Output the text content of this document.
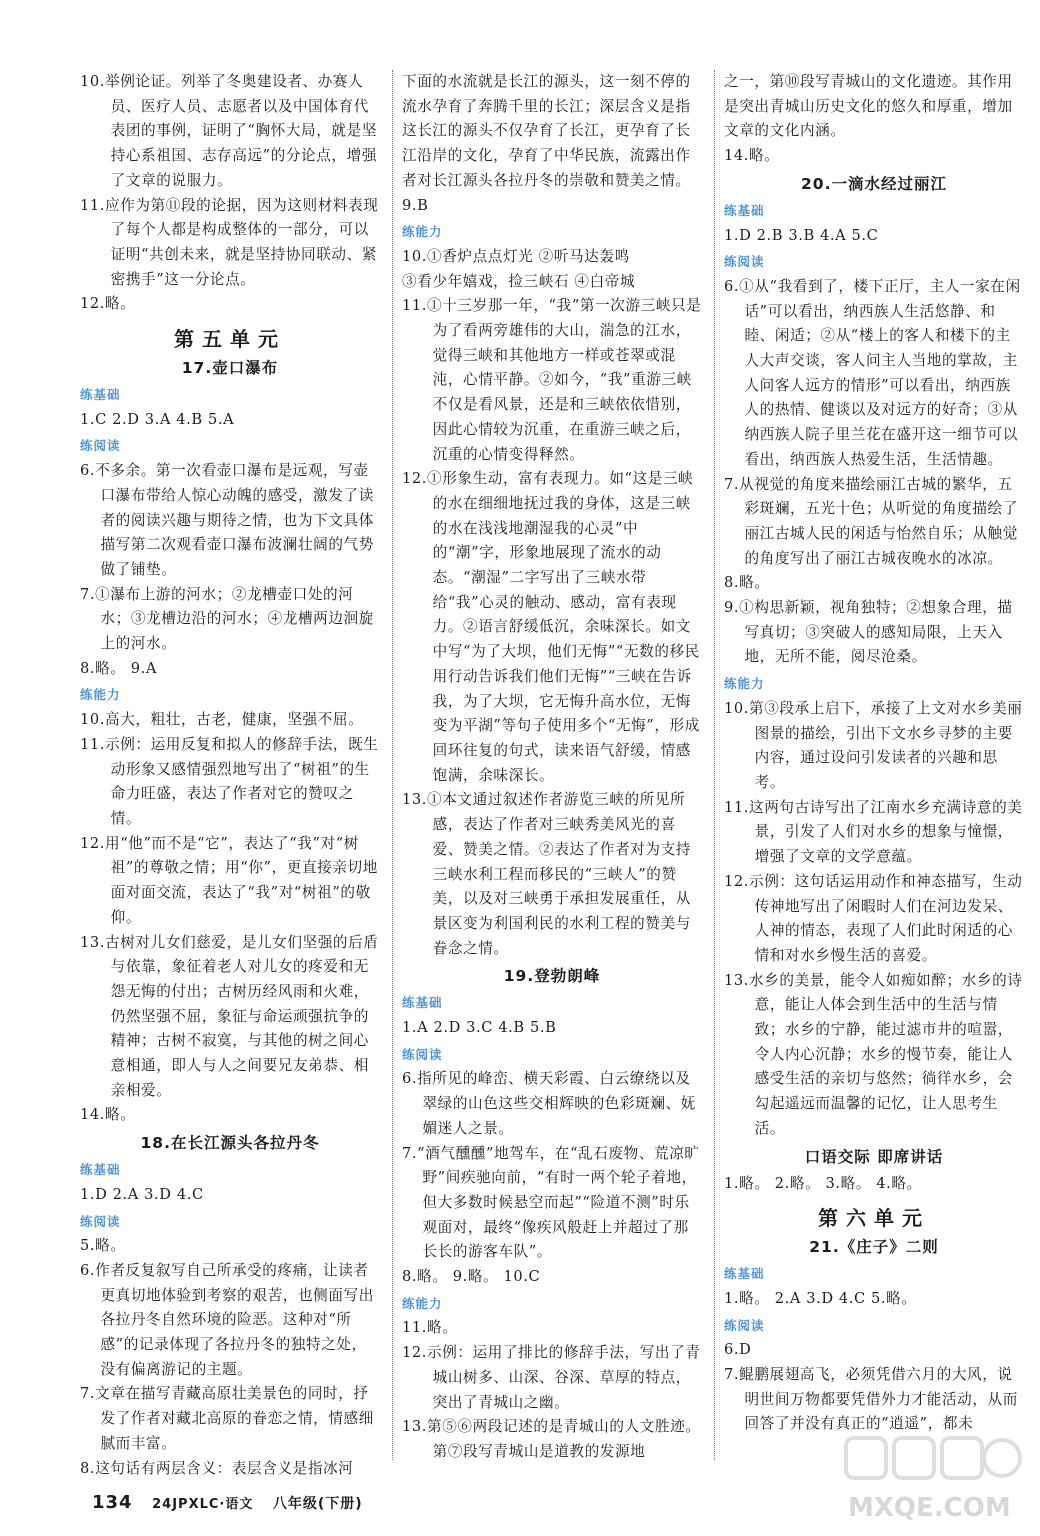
10.举例论证。列举了冬奥建设者、办赛人员、医疗人员、志愿者以及中国体育代表团的事例，证明了“胸怀大局，就是坚持心系祖国、志存高远”的分论点，增强了文章的说服力。
11.应作为第⑪段的论据，因为这则材料表现了每个人都是构成整体的一部分，可以证明“共创未来，就是坚持协同联动、紧密携手”这一分论点。
12.略。
第五单元
17.壶口瀑布
练基础
1.C 2.D 3.A 4.B 5.A
练阅读
6.不多余。第一次看壶口瀑布是远观，写壶口瀑布带给人惊心动魄的感受，激发了读者的阅读兴趣与期待之情，也为下文具体描写第二次观看壶口瀑布波澜壮阔的气势做了铺垫。
7.①瀑布上游的河水；②龙槽壶口处的河水；③龙槽边沿的河水；④龙槽两边洄旋上的河水。
8.略。 9.A
练能力
10.高大，粗壮，古老，健康，坚强不屈。
11.示例：运用反复和拟人的修辞手法，既生动形象又感情强烈地写出了“树祖”的生命力旺盛，表达了作者对它的赞叹之情。
12.用“他”而不是“它”，表达了“我”对“树祖”的尊敬之情；用“你”，更直接亲切地面对面交流，表达了“我”对“树祖”的敬仰。
13.古树对儿女们慈爱，是儿女们坚强的后盾与依靠，象征着老人对儿女的疼爱和无怨无悔的付出；古树历经风雨和火难，仍然坚强不屈，象征与命运顽强抗争的精神；古树不寂寞，与其他的树之间心意相通，即人与人之间要兄友弟恭、相亲相爱。
14.略。
18.在长江源头各拉丹冬
练基础
1.D 2.A 3.D 4.C
练阅读
5.略。
6.作者反复叙写自己所承受的疼痛，让读者更真切地体验到考察的艰苦，也侧面写出各拉丹冬自然环境的险恶。这种对“所感”的记录体现了各拉丹冬的独特之处，没有偏离游记的主题。
7.文章在描写青藏高原壮美景色的同时，抒发了作者对藏北高原的眷恋之情，情感细腻而丰富。
8.这句话有两层含义：表层含义是指冰河
下面的水流就是长江的源头，这一刻不停的流水孕育了奔腾千里的长江；深层含义是指这长江的源头不仅孕育了长江，更孕育了长江沿岸的文化，孕育了中华民族，流露出作者对长江源头各拉丹冬的崇敬和赞美之情。
9.B
练能力
10.①香炉点点灯光 ②听马达轰鸣
③看少年嬉戏，捡三峡石 ④白帝城
11.①十三岁那一年，“我”第一次游三峡只是为了看两旁雄伟的大山，湍急的江水，觉得三峡和其他地方一样或苍翠或混沌，心情平静。②如今，“我”重游三峡不仅是看风景，还是和三峡依依惜别，因此心情较为沉重，在重游三峡之后，沉重的心情变得释然。
12.①形象生动，富有表现力。如“这是三峡的水在细细地抚过我的身体，这是三峡的水在浅浅地潮湿我的心灵”中的“潮”字，形象地展现了流水的动态。“潮湿”二字写出了三峡水带给“我”心灵的触动、感动，富有表现力。②语言舒缓低沉，余味深长。如文中写“为了大坝，他们无悔”“无数的移民用行动告诉我们他们无悔”“三峡在告诉我，为了大坝，它无悔升高水位，无悔变为平湖”等句子使用多个“无悔”，形成回环往复的句式，读来语气舒缓，情感饱满，余味深长。
13.①本文通过叙述作者游览三峡的所见所感，表达了作者对三峡秀美风光的喜爱、赞美之情。②表达了作者对为支持三峡水利工程而移民的“三峡人”的赞美，以及对三峡勇于承担发展重任，从景区变为利国利民的水利工程的赞美与眷念之情。
19.登勃朗峰
练基础
1.A 2.D 3.C 4.B 5.B
练阅读
6.指所见的峰峦、横天彩霞、白云缭绕以及翠绿的山色这些交相辉映的色彩斑斓、妩媚迷人之景。
7.“酒气醺醺”地驾车，在“乱石废物、荒凉旷野”间疾驰向前，“有时一两个轮子着地，但大多数时候悬空而起”“险道不测”时乐观面对，最终“像疾风般赶上并超过了那长长的游客车队”。
8.略。 9.略。 10.C
练能力
11.略。
12.示例：运用了排比的修辞手法，写出了青城山树多、山深、谷深、草厚的特点，突出了青城山之幽。
13.第⑤⑥两段记述的是青城山的人文胜迹。第⑦段写青城山是道教的发源地
之一，第⑩段写青城山的文化遗迹。其作用是突出青城山历史文化的悠久和厚重，增加文章的文化内涵。
14.略。
20.一滴水经过丽江
练基础
1.D 2.B 3.B 4.A 5.C
练阅读
6.①从“我看到了，楼下正厅，主人一家在闲话”可以看出，纳西族人生活悠静、和睦、闲适；②从“楼上的客人和楼下的主人大声交谈，客人问主人当地的掌故，主人问客人远方的情形”可以看出，纳西族人的热情、健谈以及对远方的好奇；③从纳西族人院子里兰花在盛开这一细节可以看出，纳西族人热爱生活，生活情趣。
7.从视觉的角度来描绘丽江古城的繁华，五彩斑斓，五光十色；从听觉的角度描绘了丽江古城人民的闲适与怡然自乐；从触觉的角度写出了丽江古城夜晚水的冰凉。
8.略。
9.①构思新颖，视角独特；②想象合理，描写真切；③突破人的感知局限，上天入地，无所不能，阅尽沧桑。
练能力
10.第③段承上启下，承接了上文对水乡美丽图景的描绘，引出下文水乡寻梦的主要内容，通过设问引发读者的兴趣和思考。
11.这两句古诗写出了江南水乡充满诗意的美景，引发了人们对水乡的想象与憧憬，增强了文章的文学意蕴。
12.示例：这句话运用动作和神态描写，生动传神地写出了闲暇时人们在河边发呆、人神的情态，表现了人们此时闲适的心情和对水乡慢生活的喜爱。
13.水乡的美景，能令人如痴如醉；水乡的诗意，能让人体会到生活中的生活与情致；水乡的宁静，能过滤市井的喧嚣，令人内心沉静；水乡的慢节奏，能让人感受生活的亲切与悠然；徜徉水乡，会勾起遥远而温馨的记忆，让人思考生活。
口语交际 即席讲话
1.略。 2.略。 3.略。 4.略。
第六单元
21.《庄子》二则
练基础
1.略。 2.A 3.D 4.C 5.略。
练阅读
6.D
7.鲲鹏展翅高飞，必须凭借六月的大风，说明世间万物都要凭借外力才能活动，从而回答了并没有真正的“逍遥”，都未
134 24JPXLC·语文 八年级(下册)	MXQE.COM
